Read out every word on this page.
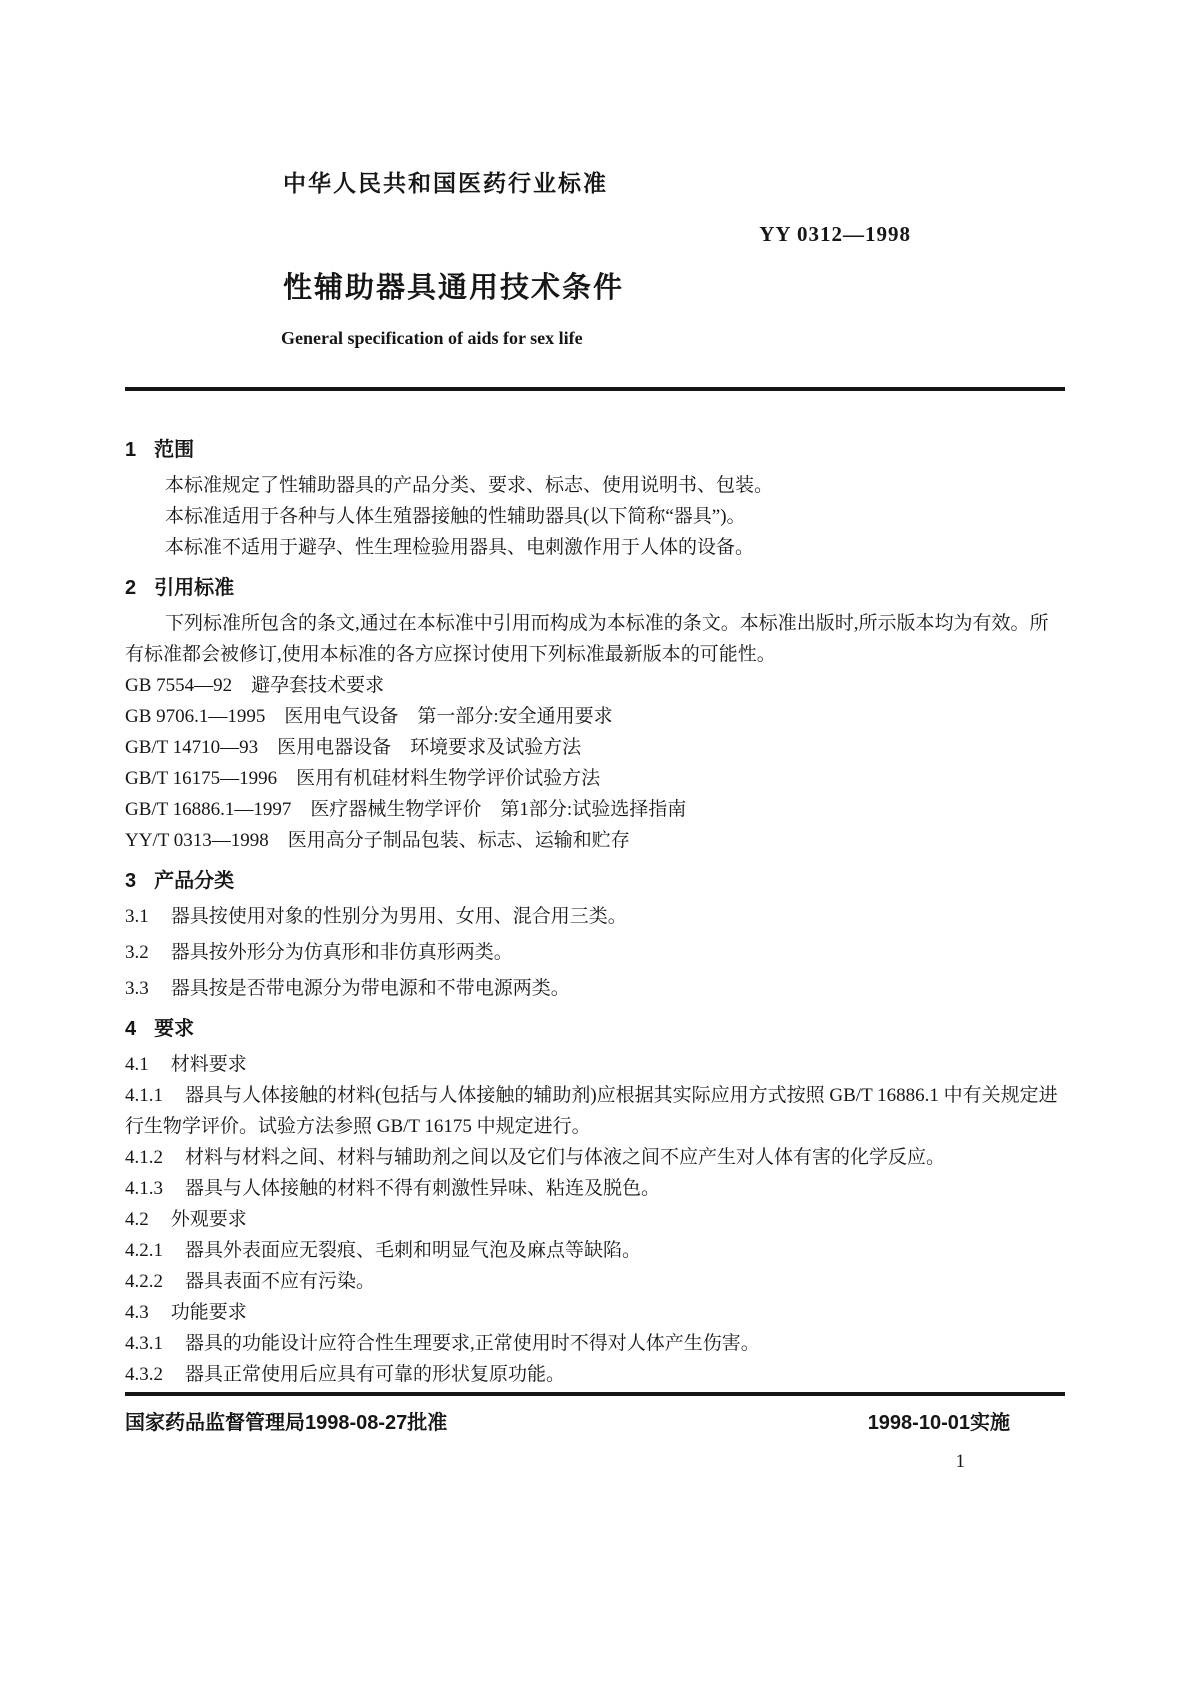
中华人民共和国医药行业标准
YY 0312—1998
性辅助器具通用技术条件
General specification of aids for sex life
1 范围

本标准规定了性辅助器具的产品分类、要求、标志、使用说明书、包装。

本标准适用于各种与人体生殖器接触的性辅助器具(以下简称“器具”)。

本标准不适用于避孕、性生理检验用器具、电刺激作用于人体的设备。

2 引用标准

下列标准所包含的条文,通过在本标准中引用而构成为本标准的条文。本标准出版时,所示版本均为有效。所有标准都会被修订,使用本标准的各方应探讨使用下列标准最新版本的可能性。

GB 7554—92　避孕套技术要求

GB 9706.1—1995　医用电气设备　第一部分:安全通用要求

GB/T 14710—93　医用电器设备　环境要求及试验方法

GB/T 16175—1996　医用有机硅材料生物学评价试验方法

GB/T 16886.1—1997　医疗器械生物学评价　第1部分:试验选择指南

YY/T 0313—1998　医用高分子制品包装、标志、运输和贮存

3 产品分类

3.1 器具按使用对象的性别分为男用、女用、混合用三类。

3.2 器具按外形分为仿真形和非仿真形两类。

3.3 器具按是否带电源分为带电源和不带电源两类。

4 要求

4.1 材料要求

4.1.1 器具与人体接触的材料(包括与人体接触的辅助剂)应根据其实际应用方式按照 GB/T 16886.1 中有关规定进行生物学评价。试验方法参照 GB/T 16175 中规定进行。

4.1.2 材料与材料之间、材料与辅助剂之间以及它们与体液之间不应产生对人体有害的化学反应。

4.1.3 器具与人体接触的材料不得有刺激性异味、粘连及脱色。

4.2 外观要求

4.2.1 器具外表面应无裂痕、毛刺和明显气泡及麻点等缺陷。

4.2.2 器具表面不应有污染。

4.3 功能要求

4.3.1 器具的功能设计应符合性生理要求,正常使用时不得对人体产生伤害。

4.3.2 器具正常使用后应具有可靠的形状复原功能。

国家药品监督管理局1998-08-27批准	1998-10-01实施
1
